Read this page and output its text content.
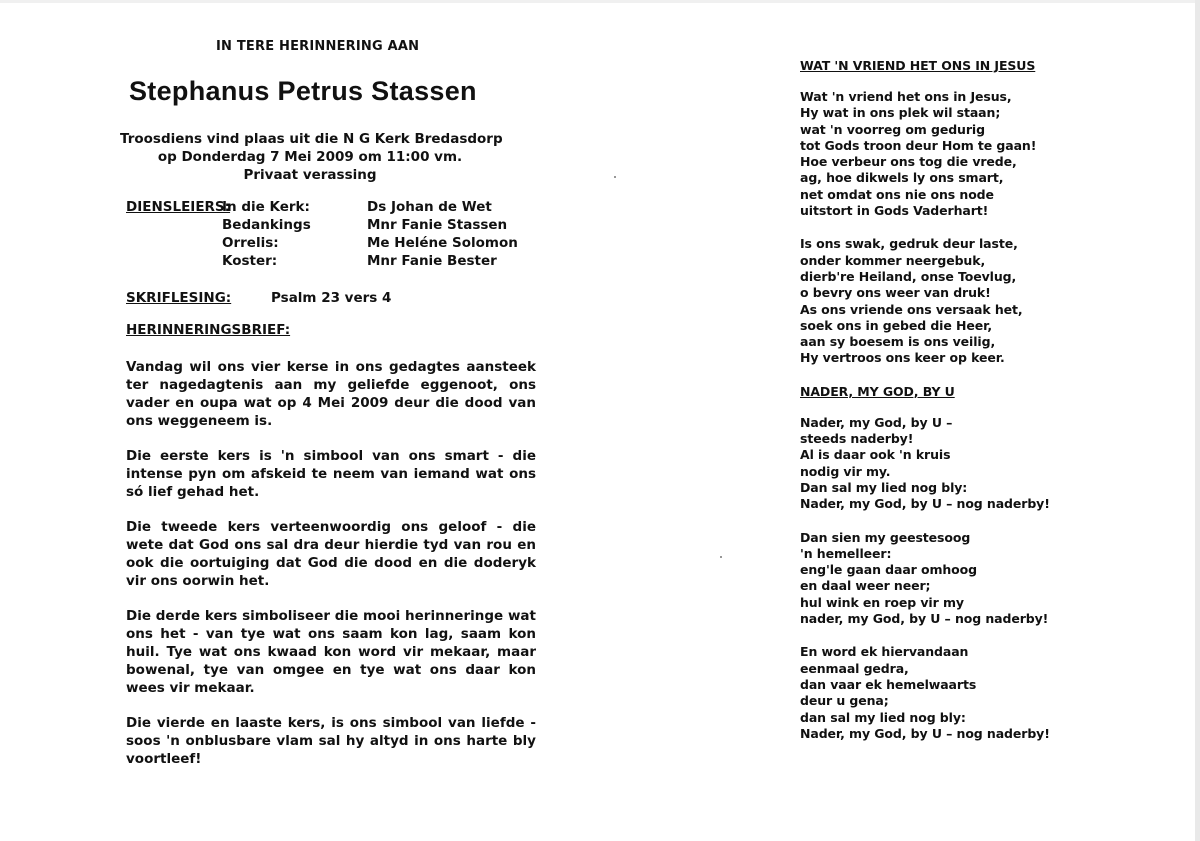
IN TERE HERINNERING AAN
Stephanus Petrus Stassen
Troosdiens vind plaas uit die N G Kerk Bredasdorp
op Donderdag 7 Mei 2009 om 11:00 vm.
Privaat verassing
DIENSLEIERS:
In die Kerk:	Ds Johan de Wet
Bedankings	Mnr Fanie Stassen
Orrelis:	Me Heléne Solomon
Koster:	Mnr Fanie Bester
SKRIFLESING:	Psalm 23 vers 4
HERINNERINGSBRIEF:

Vandag wil ons vier kerse in ons gedagtes aansteek ter nagedagtenis aan my geliefde eggenoot, ons vader en oupa wat op 4 Mei 2009 deur die dood van ons weggeneem is.

Die eerste kers is 'n simbool van ons smart - die intense pyn om afskeid te neem van iemand wat ons só lief gehad het.

Die tweede kers verteenwoordig ons geloof - die wete dat God ons sal dra deur hierdie tyd van rou en ook die oortuiging dat God die dood en die doderyk vir ons oorwin het.

Die derde kers simboliseer die mooi herinneringe wat ons het - van tye wat ons saam kon lag, saam kon huil. Tye wat ons kwaad kon word vir mekaar, maar bowenal, tye van omgee en tye wat ons daar kon wees vir mekaar.

Die vierde en laaste kers, is ons simbool van liefde - soos 'n onblusbare vlam sal hy altyd in ons harte bly voortleef!

WAT 'N VRIEND HET ONS IN JESUS
Wat 'n vriend het ons in Jesus,
Hy wat in ons plek wil staan;
wat 'n voorreg om gedurig
tot Gods troon deur Hom te gaan!
Hoe verbeur ons tog die vrede,
ag, hoe dikwels ly ons smart,
net omdat ons nie ons node
uitstort in Gods Vaderhart!
Is ons swak, gedruk deur laste,
onder kommer neergebuk,
dierb're Heiland, onse Toevlug,
o bevry ons weer van druk!
As ons vriende ons versaak het,
soek ons in gebed die Heer,
aan sy boesem is ons veilig,
Hy vertroos ons keer op keer.
NADER, MY GOD, BY U
Nader, my God, by U –
steeds naderby!
Al is daar ook 'n kruis
nodig vir my.
Dan sal my lied nog bly:
Nader, my God, by U – nog naderby!
Dan sien my geestesoog
'n hemelleer:
eng'le gaan daar omhoog
en daal weer neer;
hul wink en roep vir my
nader, my God, by U – nog naderby!
En word ek hiervandaan
eenmaal gedra,
dan vaar ek hemelwaarts
deur u gena;
dan sal my lied nog bly:
Nader, my God, by U – nog naderby!
